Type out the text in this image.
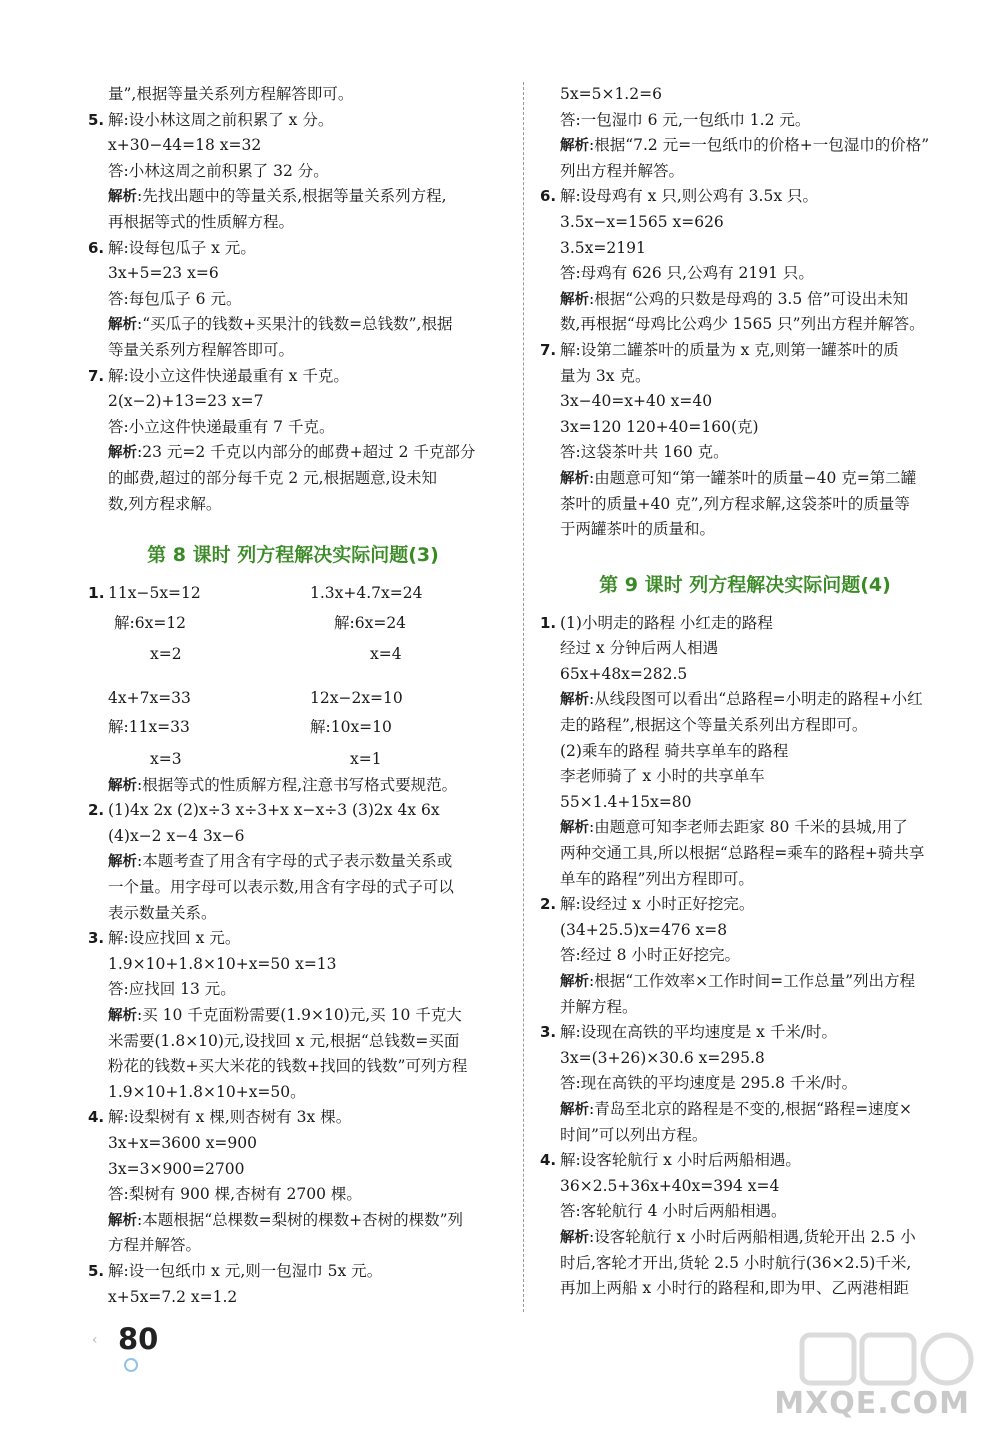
量”,根据等量关系列方程解答即可。
5. 解:设小林这周之前积累了 x 分。
x+30−44=18 x=32
答:小林这周之前积累了 32 分。
解析:先找出题中的等量关系,根据等量关系列方程,
再根据等式的性质解方程。
6. 解:设每包瓜子 x 元。
3x+5=23 x=6
答:每包瓜子 6 元。
解析:“买瓜子的钱数+买果汁的钱数=总钱数”,根据
等量关系列方程解答即可。
7. 解:设小立这件快递最重有 x 千克。
2(x−2)+13=23 x=7
答:小立这件快递最重有 7 千克。
解析:23 元=2 千克以内部分的邮费+超过 2 千克部分
的邮费,超过的部分每千克 2 元,根据题意,设未知
数,列方程求解。
第 8 课时 列方程解决实际问题(3)
1. 11x−5x=12	1.3x+4.7x=24
解:6x=12	解:6x=24
x=2	x=4
4x+7x=33	12x−2x=10
解:11x=33	解:10x=10
x=3	x=1
解析:根据等式的性质解方程,注意书写格式要规范。
2. (1)4x 2x (2)x÷3 x÷3+x x−x÷3 (3)2x 4x 6x
(4)x−2 x−4 3x−6
解析:本题考查了用含有字母的式子表示数量关系或
一个量。用字母可以表示数,用含有字母的式子可以
表示数量关系。
3. 解:设应找回 x 元。
1.9×10+1.8×10+x=50 x=13
答:应找回 13 元。
解析:买 10 千克面粉需要(1.9×10)元,买 10 千克大
米需要(1.8×10)元,设找回 x 元,根据“总钱数=买面
粉花的钱数+买大米花的钱数+找回的钱数”可列方程
1.9×10+1.8×10+x=50。
4. 解:设梨树有 x 棵,则杏树有 3x 棵。
3x+x=3600 x=900
3x=3×900=2700
答:梨树有 900 棵,杏树有 2700 棵。
解析:本题根据“总棵数=梨树的棵数+杏树的棵数”列
方程并解答。
5. 解:设一包纸巾 x 元,则一包湿巾 5x 元。
x+5x=7.2 x=1.2
5x=5×1.2=6
答:一包湿巾 6 元,一包纸巾 1.2 元。
解析:根据“7.2 元=一包纸巾的价格+一包湿巾的价格”
列出方程并解答。
6. 解:设母鸡有 x 只,则公鸡有 3.5x 只。
3.5x−x=1565 x=626
3.5x=2191
答:母鸡有 626 只,公鸡有 2191 只。
解析:根据“公鸡的只数是母鸡的 3.5 倍”可设出未知
数,再根据“母鸡比公鸡少 1565 只”列出方程并解答。
7. 解:设第二罐茶叶的质量为 x 克,则第一罐茶叶的质
量为 3x 克。
3x−40=x+40 x=40
3x=120 120+40=160(克)
答:这袋茶叶共 160 克。
解析:由题意可知“第一罐茶叶的质量−40 克=第二罐
茶叶的质量+40 克”,列方程求解,这袋茶叶的质量等
于两罐茶叶的质量和。
第 9 课时 列方程解决实际问题(4)
1. (1)小明走的路程 小红走的路程
经过 x 分钟后两人相遇
65x+48x=282.5
解析:从线段图可以看出“总路程=小明走的路程+小红
走的路程”,根据这个等量关系列出方程即可。
(2)乘车的路程 骑共享单车的路程
李老师骑了 x 小时的共享单车
55×1.4+15x=80
解析:由题意可知李老师去距家 80 千米的县城,用了
两种交通工具,所以根据“总路程=乘车的路程+骑共享
单车的路程”列出方程即可。
2. 解:设经过 x 小时正好挖完。
(34+25.5)x=476 x=8
答:经过 8 小时正好挖完。
解析:根据“工作效率×工作时间=工作总量”列出方程
并解方程。
3. 解:设现在高铁的平均速度是 x 千米/时。
3x=(3+26)×30.6 x=295.8
答:现在高铁的平均速度是 295.8 千米/时。
解析:青岛至北京的路程是不变的,根据“路程=速度×
时间”可以列出方程。
4. 解:设客轮航行 x 小时后两船相遇。
36×2.5+36x+40x=394 x=4
答:客轮航行 4 小时后两船相遇。
解析:设客轮航行 x 小时后两船相遇,货轮开出 2.5 小
时后,客轮才开出,货轮 2.5 小时航行(36×2.5)千米,
再加上两船 x 小时行的路程和,即为甲、乙两港相距
‹ 80
MXQE.COM
